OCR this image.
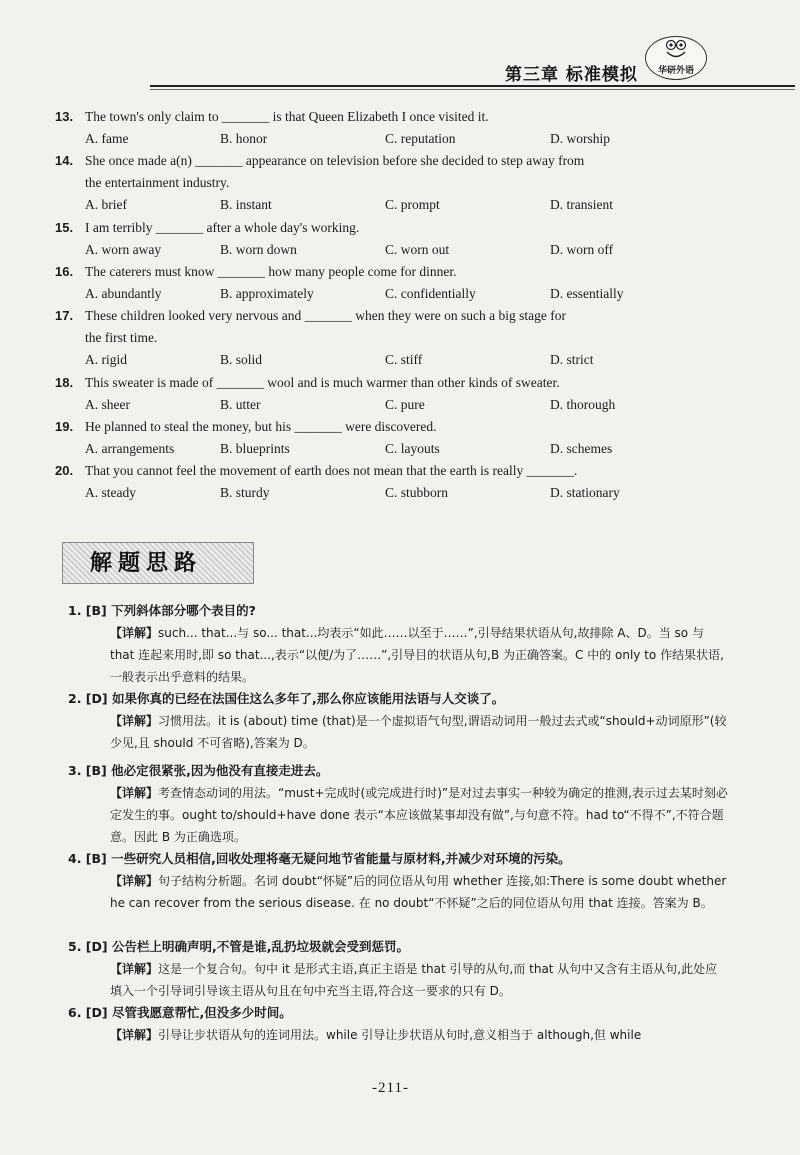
第三章 标准模拟	华研外语
13. The town's only claim to _______ is that Queen Elizabeth I once visited it.
A. fame	B. honor	C. reputation	D. worship
14. She once made a(n) _______ appearance on television before she decided to step away from
the entertainment industry.
A. brief	B. instant	C. prompt	D. transient
15. I am terribly _______ after a whole day's working.
A. worn away	B. worn down	C. worn out	D. worn off
16. The caterers must know _______ how many people come for dinner.
A. abundantly	B. approximately	C. confidentially	D. essentially
17. These children looked very nervous and _______ when they were on such a big stage for
the first time.
A. rigid	B. solid	C. stiff	D. strict
18. This sweater is made of _______ wool and is much warmer than other kinds of sweater.
A. sheer	B. utter	C. pure	D. thorough
19. He planned to steal the money, but his _______ were discovered.
A. arrangements	B. blueprints	C. layouts	D. schemes
20. That you cannot feel the movement of earth does not mean that the earth is really _______.
A. steady	B. sturdy	C. stubborn	D. stationary
解题思路
1. [B] 下列斜体部分哪个表目的?
【详解】such... that...与 so... that...均表示“如此……以至于……”,引导结果状语从句,故排除 A、D。当 so 与 that 连起来用时,即 so that...,表示“以便/为了……”,引导目的状语从句,B 为正确答案。C 中的 only to 作结果状语,一般表示出乎意料的结果。
2. [D] 如果你真的已经在法国住这么多年了,那么你应该能用法语与人交谈了。
【详解】习惯用法。it is (about) time (that)是一个虚拟语气句型,谓语动词用一般过去式或“should+动词原形”(较少见,且 should 不可省略),答案为 D。
3. [B] 他必定很紧张,因为他没有直接走进去。
【详解】考查情态动词的用法。“must+完成时(或完成进行时)”是对过去事实一种较为确定的推测,表示过去某时刻必定发生的事。ought to/should+have done 表示“本应该做某事却没有做”,与句意不符。had to“不得不”,不符合题意。因此 B 为正确选项。
4. [B] 一些研究人员相信,回收处理将毫无疑问地节省能量与原材料,并减少对环境的污染。
【详解】句子结构分析题。名词 doubt“怀疑”后的同位语从句用 whether 连接,如:There is some doubt whether he can recover from the serious disease. 在 no doubt“不怀疑”之后的同位语从句用 that 连接。答案为 B。
5. [D] 公告栏上明确声明,不管是谁,乱扔垃圾就会受到惩罚。
【详解】这是一个复合句。句中 it 是形式主语,真正主语是 that 引导的从句,而 that 从句中又含有主语从句,此处应填入一个引导词引导该主语从句且在句中充当主语,符合这一要求的只有 D。
6. [D] 尽管我愿意帮忙,但没多少时间。
【详解】引导让步状语从句的连词用法。while 引导让步状语从句时,意义相当于 although,但 while
-211-
